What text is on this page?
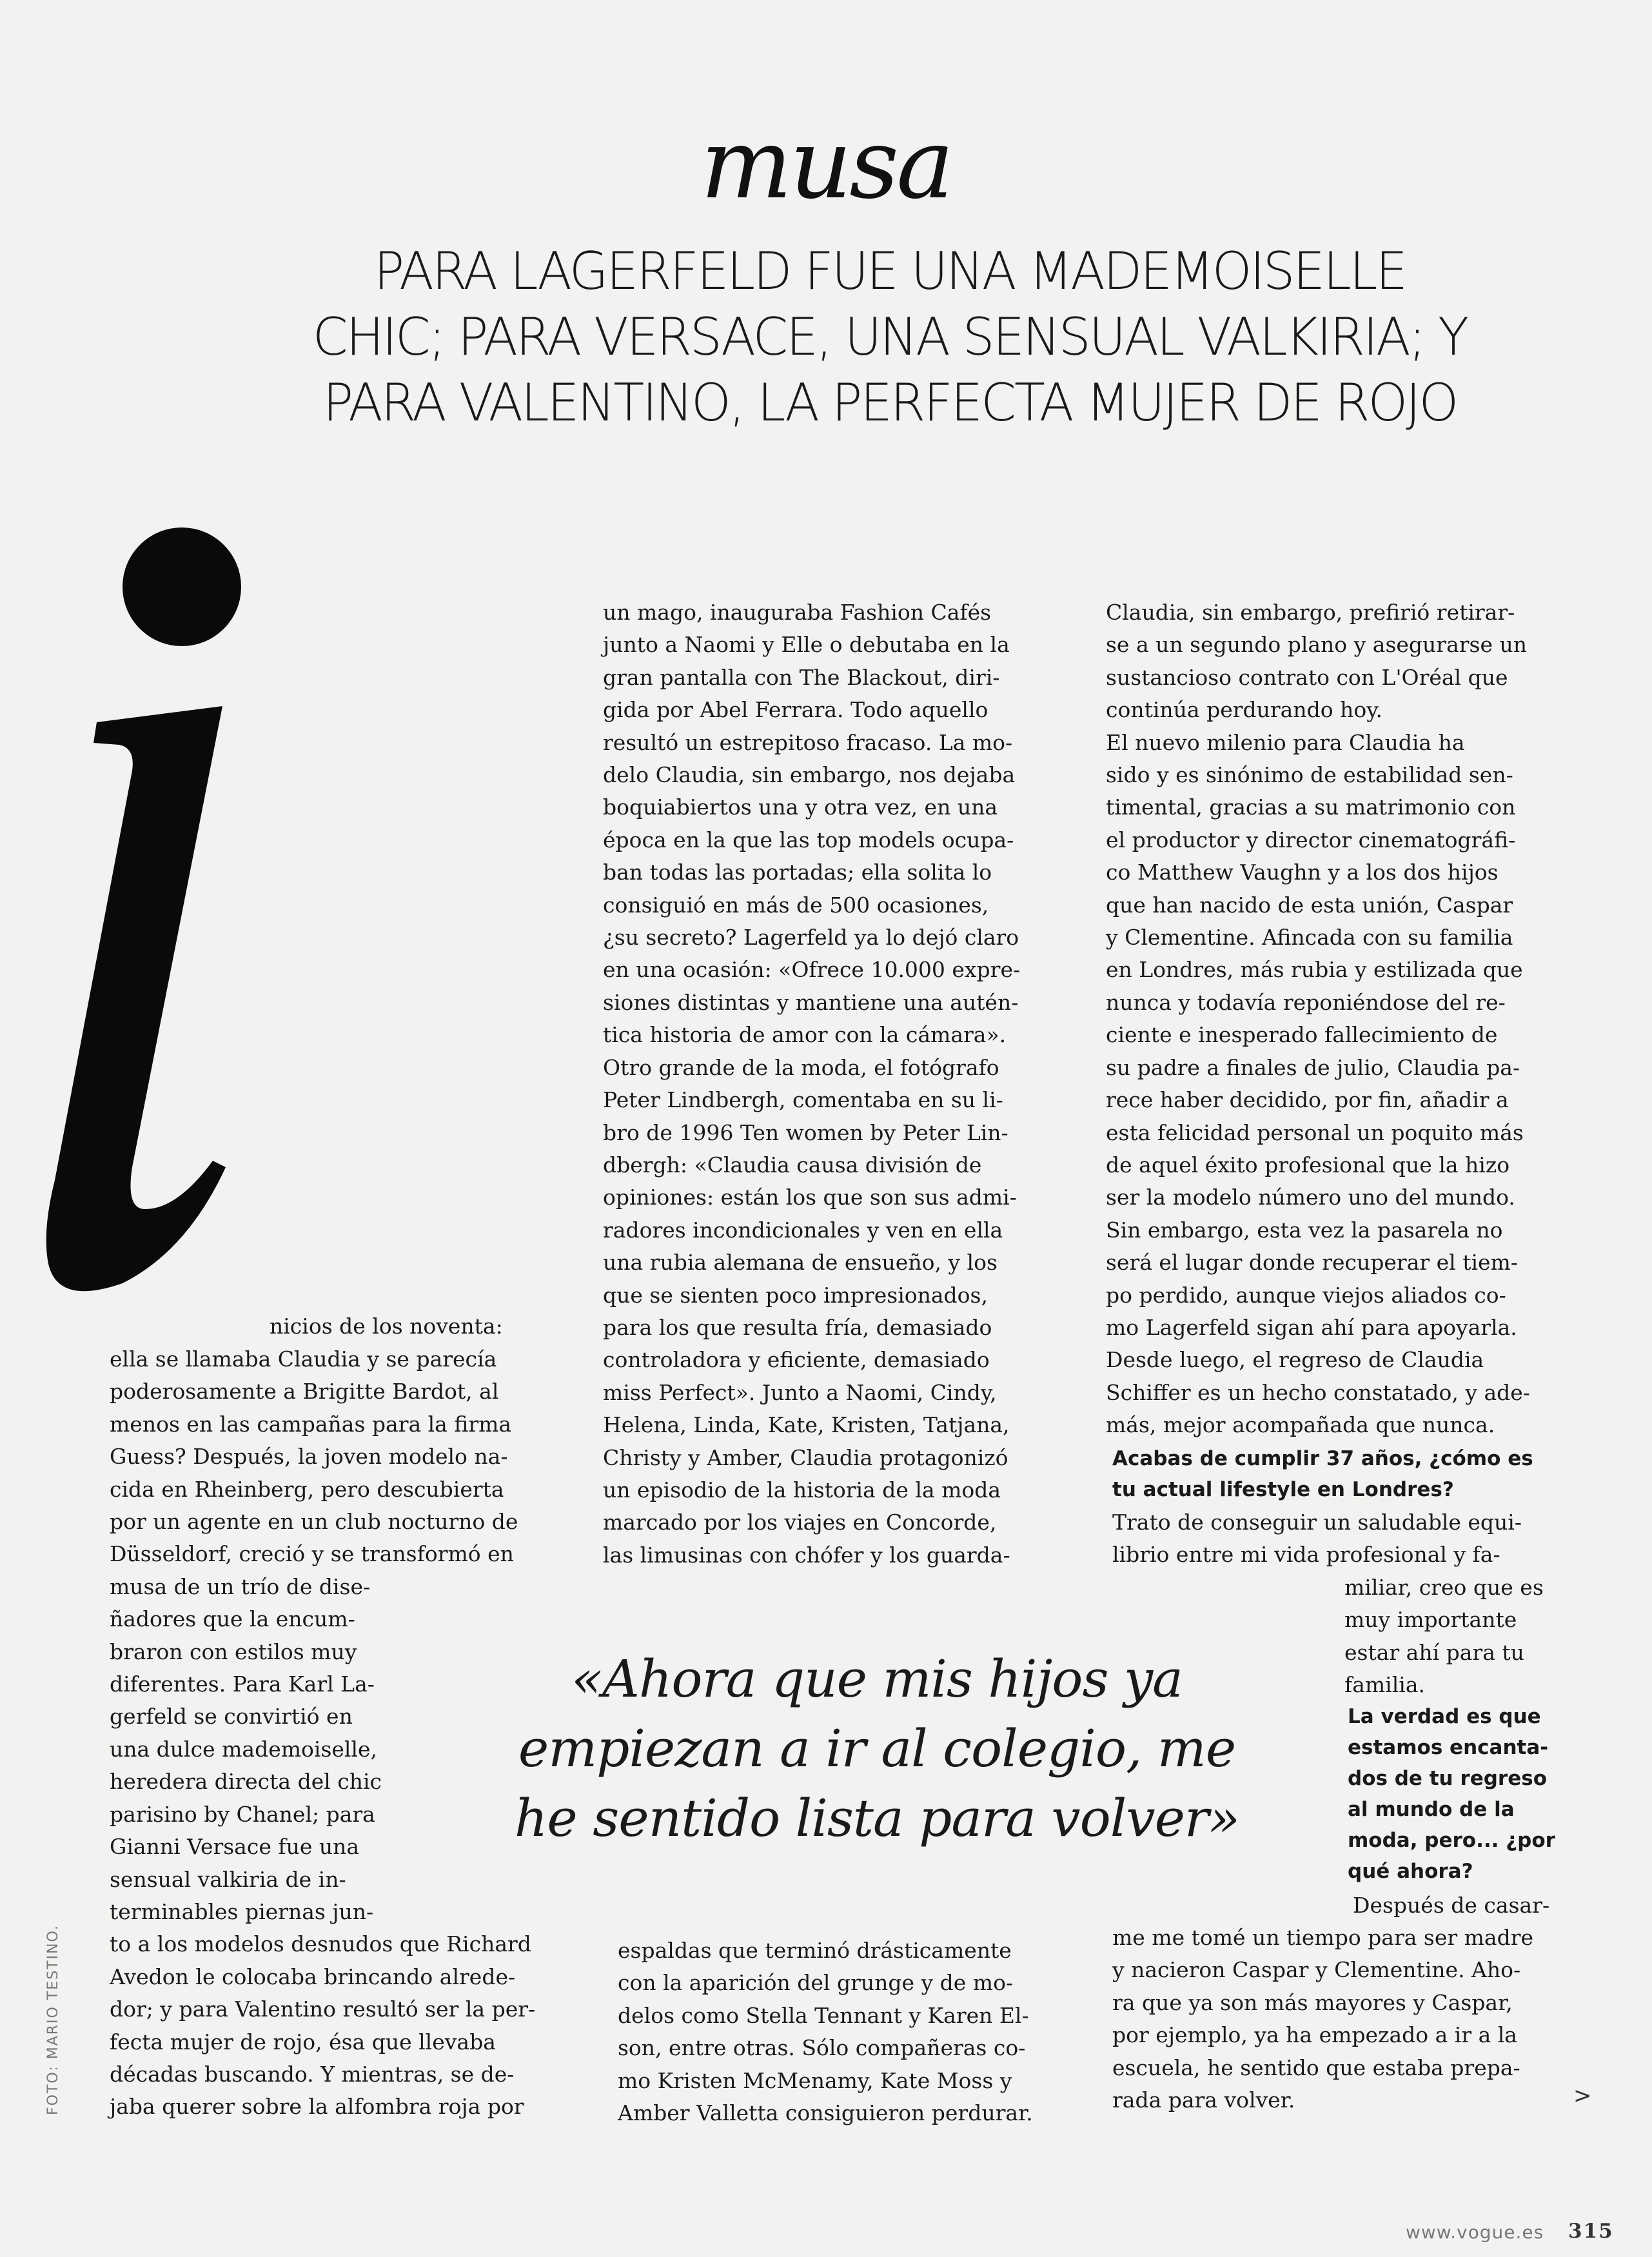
musa
PARA LAGERFELD FUE UNA MADEMOISELLE
CHIC; PARA VERSACE, UNA SENSUAL VALKIRIA; Y
PARA VALENTINO, LA PERFECTA MUJER DE ROJO
nicios de los noventa:
ella se llamaba Claudia y se parecía
poderosamente a Brigitte Bardot, al
menos en las campañas para la firma
Guess? Después, la joven modelo na-
cida en Rheinberg, pero descubierta
por un agente en un club nocturno de
Düsseldorf, creció y se transformó en
musa de un trío de dise-
ñadores que la encum-
braron con estilos muy
diferentes. Para Karl La-
gerfeld se convirtió en
una dulce mademoiselle,
heredera directa del chic
parisino by Chanel; para
Gianni Versace fue una
sensual valkiria de in-
terminables piernas jun-
to a los modelos desnudos que Richard
Avedon le colocaba brincando alrede-
dor; y para Valentino resultó ser la per-
fecta mujer de rojo, ésa que llevaba
décadas buscando. Y mientras, se de-
jaba querer sobre la alfombra roja por
un mago, inauguraba Fashion Cafés
junto a Naomi y Elle o debutaba en la
gran pantalla con The Blackout, diri-
gida por Abel Ferrara. Todo aquello
resultó un estrepitoso fracaso. La mo-
delo Claudia, sin embargo, nos dejaba
boquiabiertos una y otra vez, en una
época en la que las top models ocupa-
ban todas las portadas; ella solita lo
consiguió en más de 500 ocasiones,
¿su secreto? Lagerfeld ya lo dejó claro
en una ocasión: «Ofrece 10.000 expre-
siones distintas y mantiene una autén-
tica historia de amor con la cámara».
Otro grande de la moda, el fotógrafo
Peter Lindbergh, comentaba en su li-
bro de 1996 Ten women by Peter Lin-
dbergh: «Claudia causa división de
opiniones: están los que son sus admi-
radores incondicionales y ven en ella
una rubia alemana de ensueño, y los
que se sienten poco impresionados,
para los que resulta fría, demasiado
controladora y eficiente, demasiado
miss Perfect». Junto a Naomi, Cindy,
Helena, Linda, Kate, Kristen, Tatjana,
Christy y Amber, Claudia protagonizó
un episodio de la historia de la moda
marcado por los viajes en Concorde,
las limusinas con chófer y los guarda-
espaldas que terminó drásticamente
con la aparición del grunge y de mo-
delos como Stella Tennant y Karen El-
son, entre otras. Sólo compañeras co-
mo Kristen McMenamy, Kate Moss y
Amber Valletta consiguieron perdurar.
Claudia, sin embargo, prefirió retirar-
se a un segundo plano y asegurarse un
sustancioso contrato con L'Oréal que
continúa perdurando hoy.
El nuevo milenio para Claudia ha
sido y es sinónimo de estabilidad sen-
timental, gracias a su matrimonio con
el productor y director cinematográfi-
co Matthew Vaughn y a los dos hijos
que han nacido de esta unión, Caspar
y Clementine. Afincada con su familia
en Londres, más rubia y estilizada que
nunca y todavía reponiéndose del re-
ciente e inesperado fallecimiento de
su padre a finales de julio, Claudia pa-
rece haber decidido, por fin, añadir a
esta felicidad personal un poquito más
de aquel éxito profesional que la hizo
ser la modelo número uno del mundo.
Sin embargo, esta vez la pasarela no
será el lugar donde recuperar el tiem-
po perdido, aunque viejos aliados co-
mo Lagerfeld sigan ahí para apoyarla.
Desde luego, el regreso de Claudia
Schiffer es un hecho constatado, y ade-
más, mejor acompañada que nunca.
Acabas de cumplir 37 años, ¿cómo es
tu actual lifestyle en Londres?
Trato de conseguir un saludable equi-
librio entre mi vida profesional y fa-
miliar, creo que es
muy importante
estar ahí para tu
familia.
La verdad es que
estamos encanta-
dos de tu regreso
al mundo de la
moda, pero... ¿por
qué ahora?
Después de casar-
me me tomé un tiempo para ser madre
y nacieron Caspar y Clementine. Aho-
ra que ya son más mayores y Caspar,
por ejemplo, ya ha empezado a ir a la
escuela, he sentido que estaba prepa-
rada para volver.
«Ahora que mis hijos ya
empiezan a ir al colegio, me
he sentido lista para volver»
FOTO: MARIO TESTINO.	>
www.vogue.es 315
